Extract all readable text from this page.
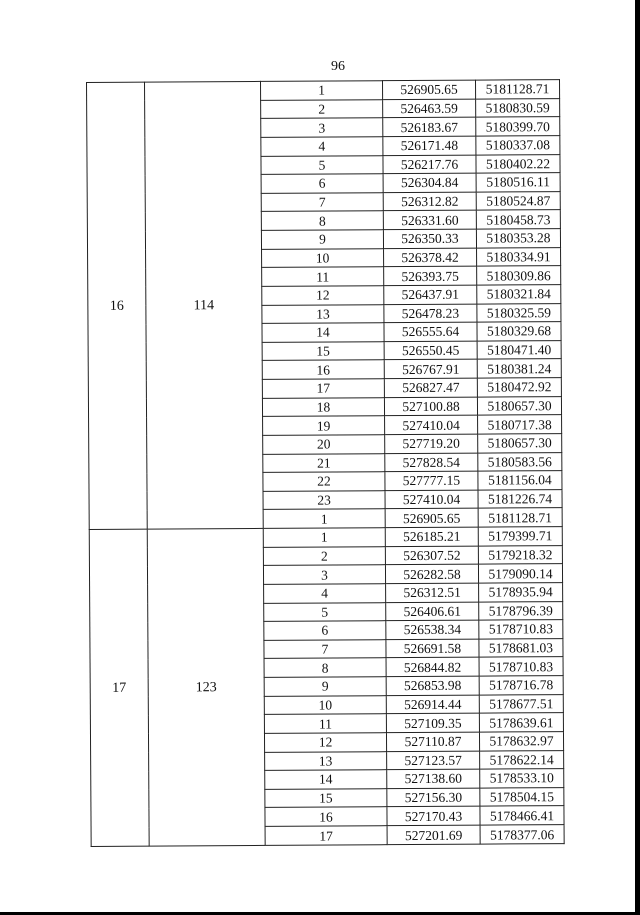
96
16	114	1	526905.65	5181128.71
		2	526463.59	5180830.59
		3	526183.67	5180399.70
		4	526171.48	5180337.08
		5	526217.76	5180402.22
		6	526304.84	5180516.11
		7	526312.82	5180524.87
		8	526331.60	5180458.73
		9	526350.33	5180353.28
		10	526378.42	5180334.91
		11	526393.75	5180309.86
		12	526437.91	5180321.84
		13	526478.23	5180325.59
		14	526555.64	5180329.68
		15	526550.45	5180471.40
		16	526767.91	5180381.24
		17	526827.47	5180472.92
		18	527100.88	5180657.30
		19	527410.04	5180717.38
		20	527719.20	5180657.30
		21	527828.54	5180583.56
		22	527777.15	5181156.04
		23	527410.04	5181226.74
		1	526905.65	5181128.71
17	123	1	526185.21	5179399.71
		2	526307.52	5179218.32
		3	526282.58	5179090.14
		4	526312.51	5178935.94
		5	526406.61	5178796.39
		6	526538.34	5178710.83
		7	526691.58	5178681.03
		8	526844.82	5178710.83
		9	526853.98	5178716.78
		10	526914.44	5178677.51
		11	527109.35	5178639.61
		12	527110.87	5178632.97
		13	527123.57	5178622.14
		14	527138.60	5178533.10
		15	527156.30	5178504.15
		16	527170.43	5178466.41
		17	527201.69	5178377.06
